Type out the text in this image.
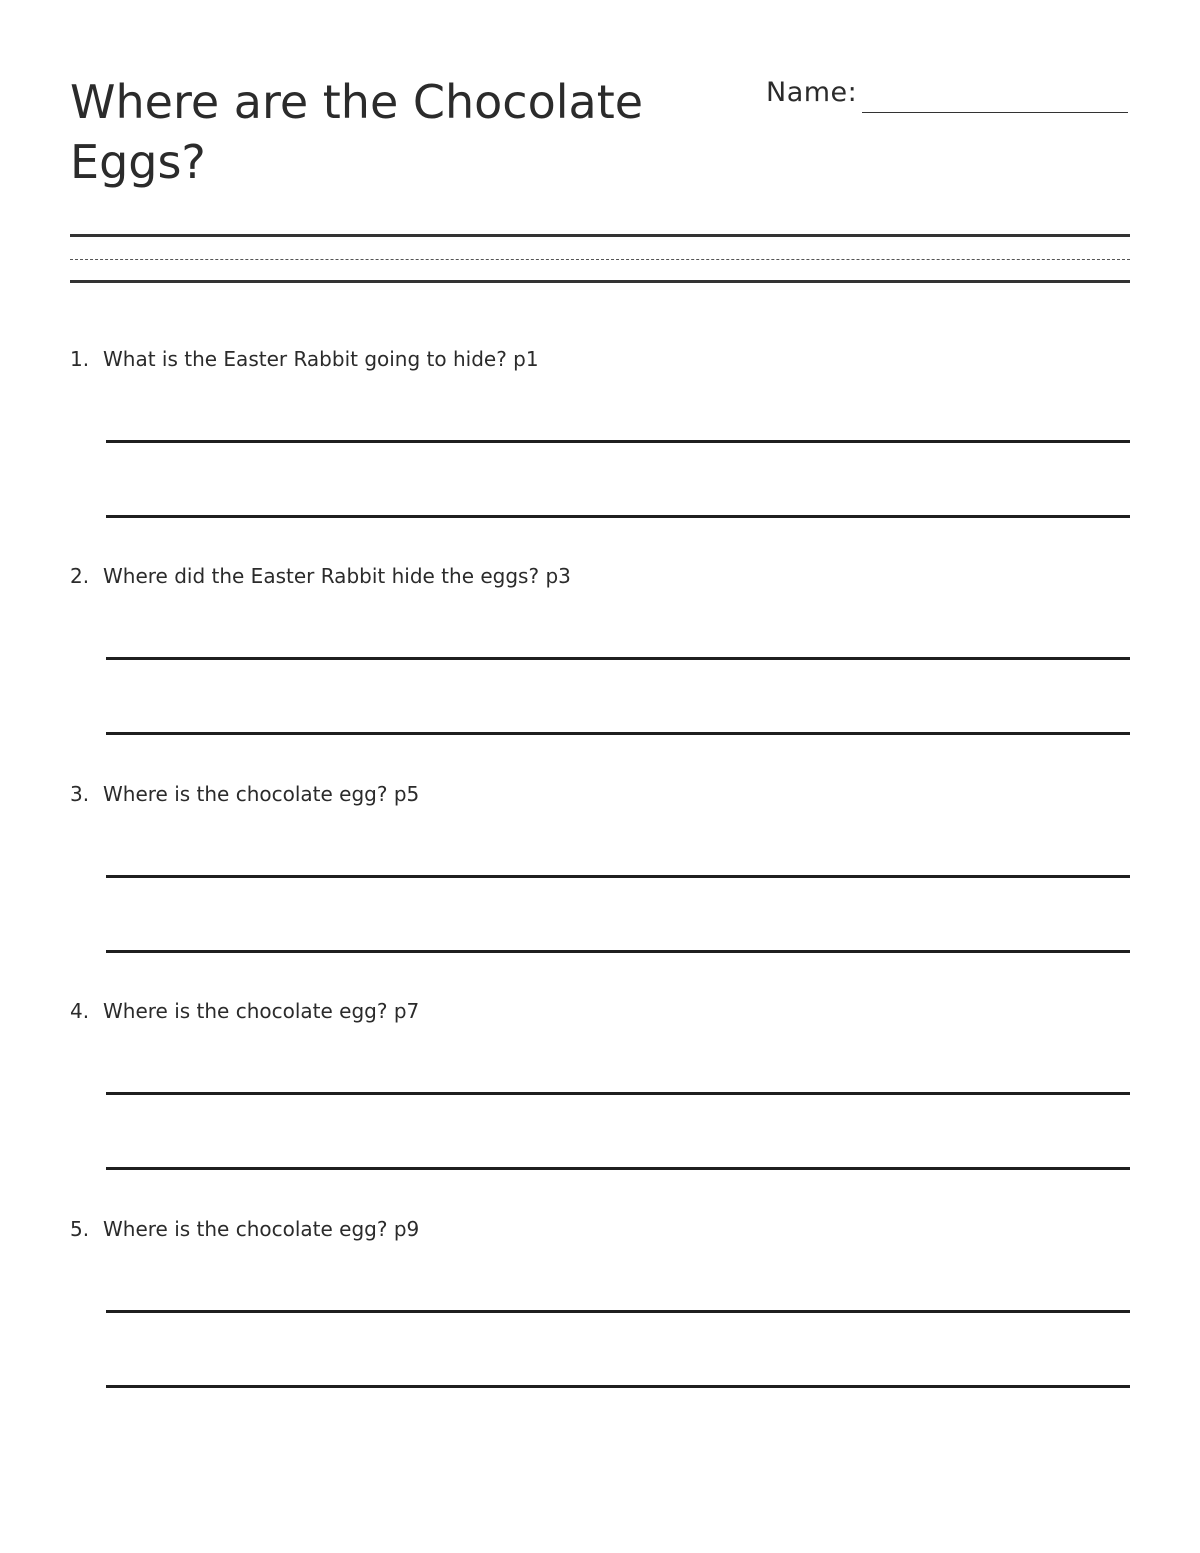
Where are the Chocolate Eggs?
Name:
1. What is the Easter Rabbit going to hide? p1
2. Where did the Easter Rabbit hide the eggs? p3
3. Where is the chocolate egg? p5
4. Where is the chocolate egg? p7
5. Where is the chocolate egg? p9
